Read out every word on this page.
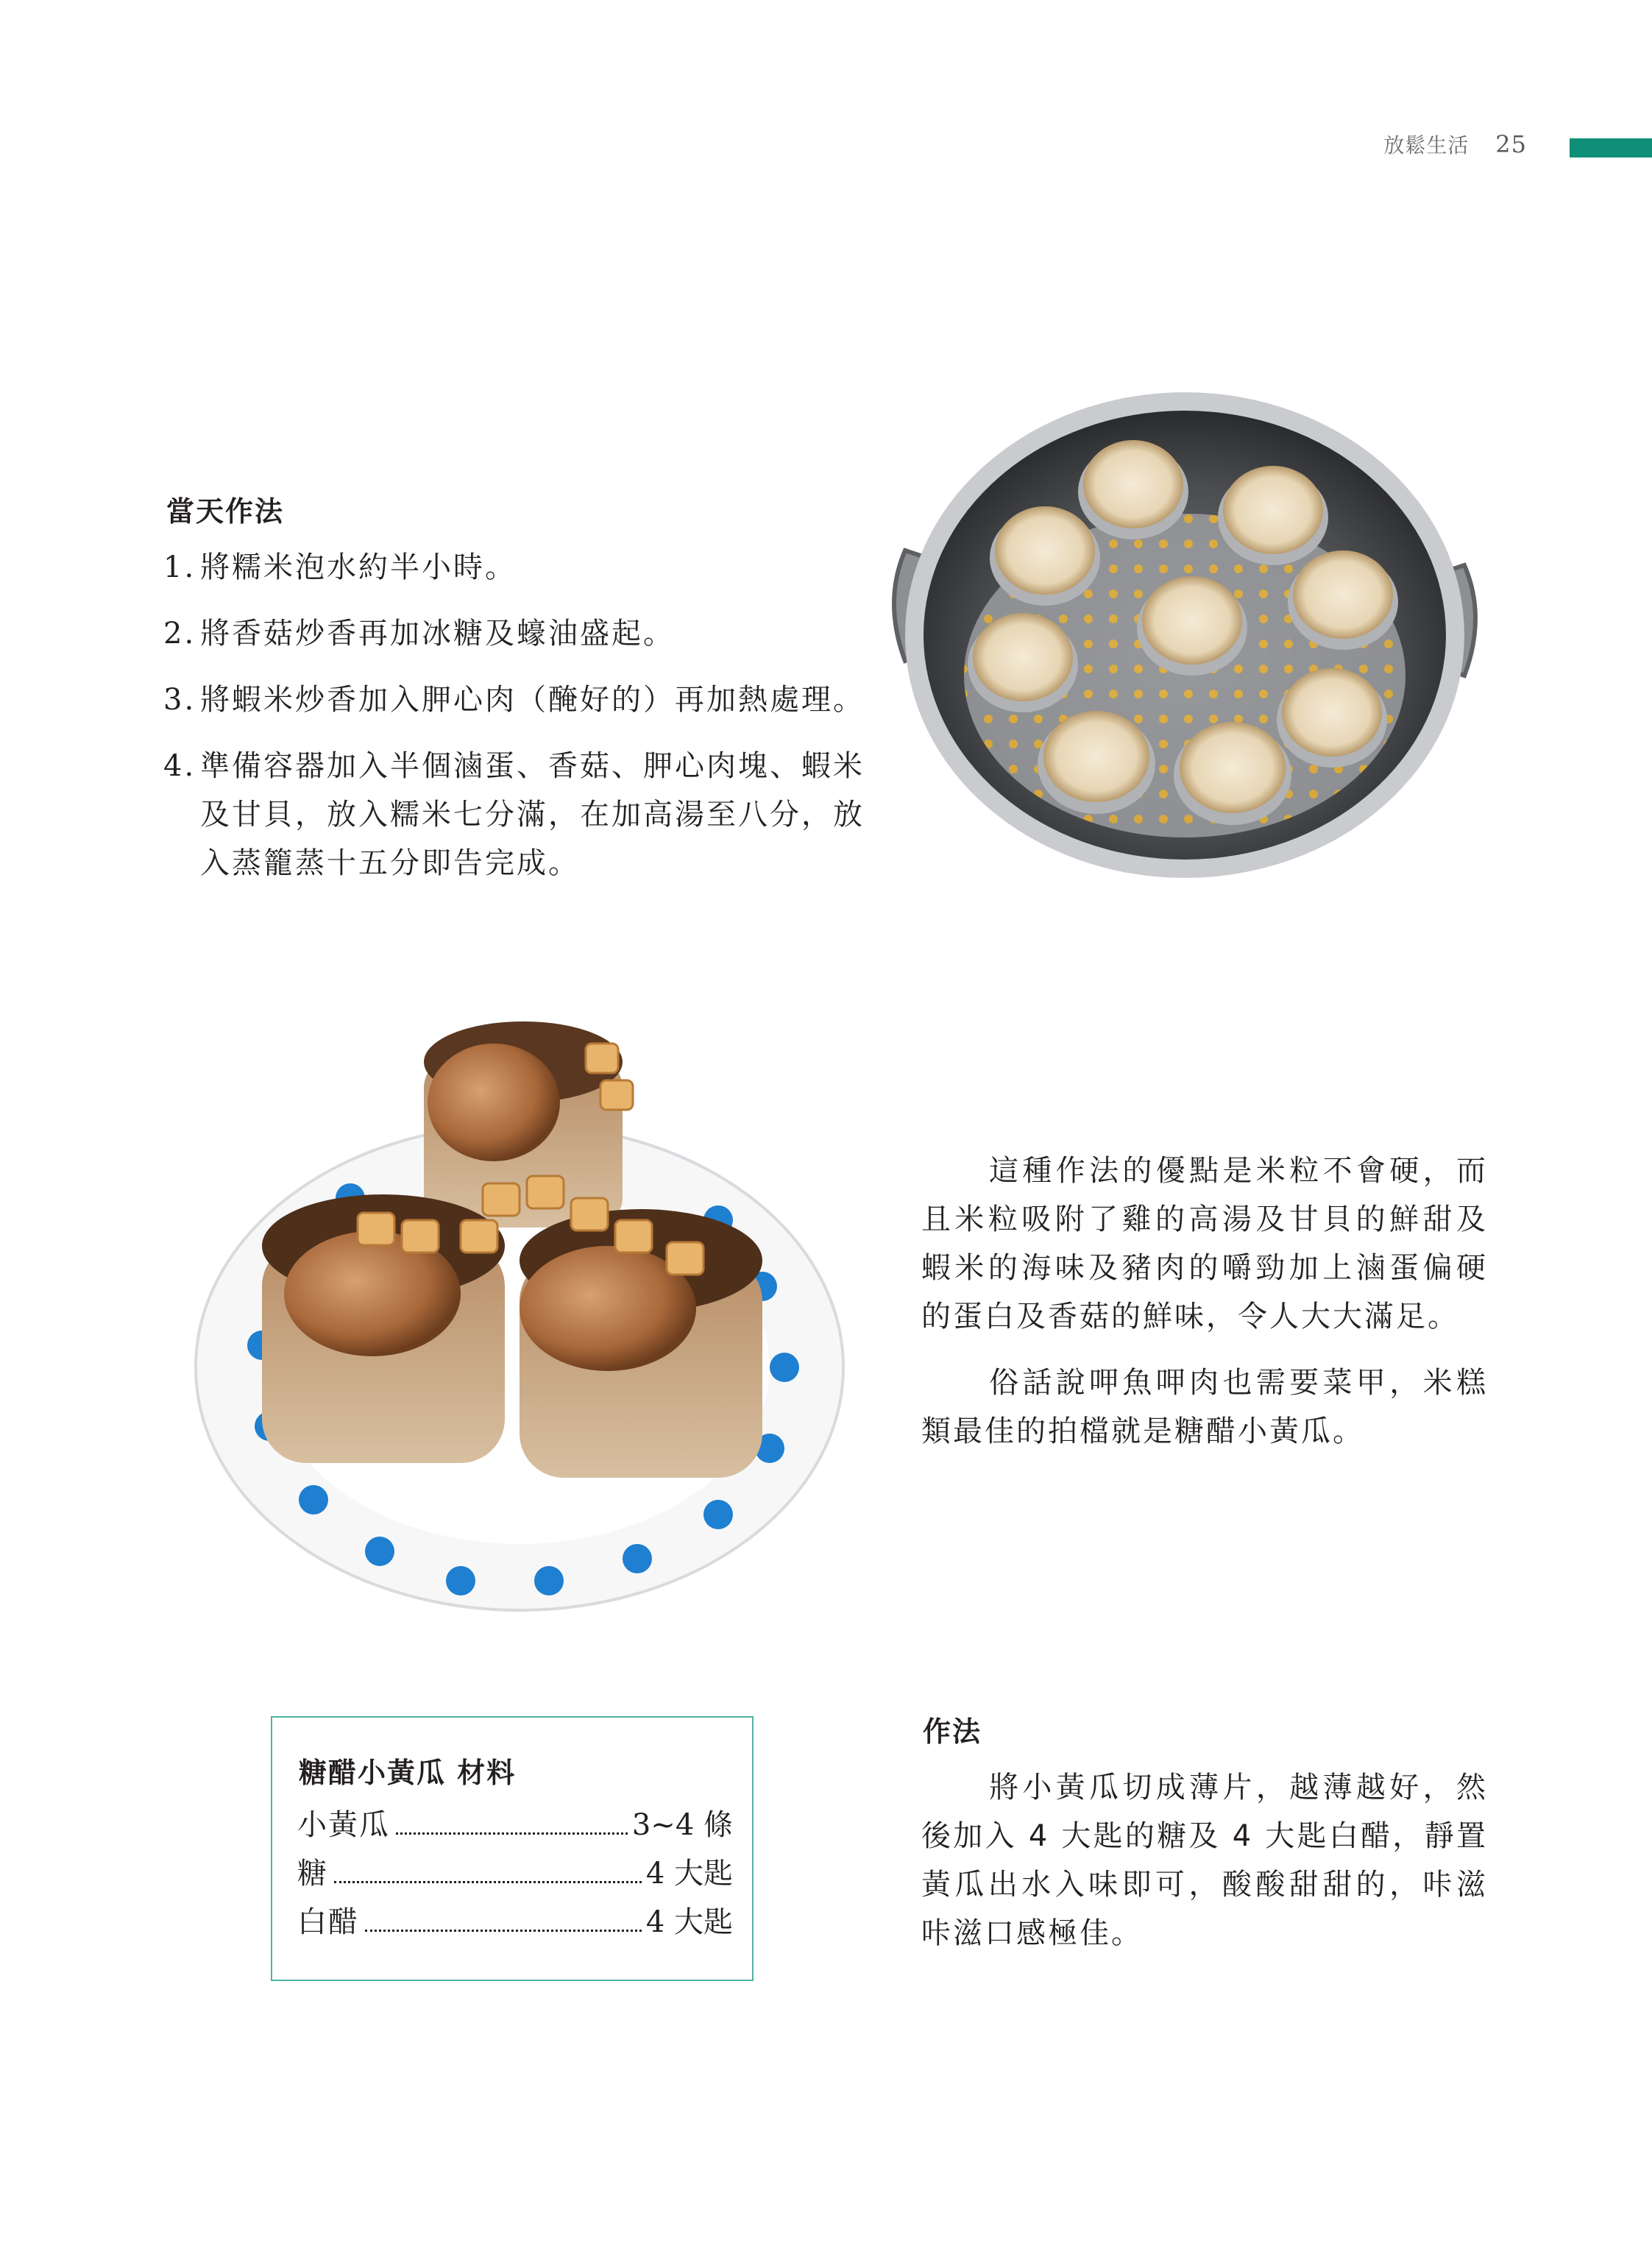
放鬆生活 25
當天作法
1. 將糯米泡水約半小時。
2. 將香菇炒香再加冰糖及蠔油盛起。
3. 將蝦米炒香加入胛心肉（醃好的）再加熱處理。
4. 準備容器加入半個滷蛋、香菇、胛心肉塊、蝦米及甘貝，放入糯米七分滿，在加高湯至八分，放入蒸籠蒸十五分即告完成。

這種作法的優點是米粒不會硬，而且米粒吸附了雞的高湯及甘貝的鮮甜及蝦米的海味及豬肉的嚼勁加上滷蛋偏硬的蛋白及香菇的鮮味，令人大大滿足。

俗話說呷魚呷肉也需要菜甲，米糕類最佳的拍檔就是糖醋小黃瓜。

糖醋小黃瓜 材料
小黃瓜	3~4 條
糖	4 大匙
白醋	4 大匙
作法

將小黃瓜切成薄片，越薄越好，然後加入 4 大匙的糖及 4 大匙白醋，靜置黃瓜出水入味即可，酸酸甜甜的，咔滋咔滋口感極佳。
